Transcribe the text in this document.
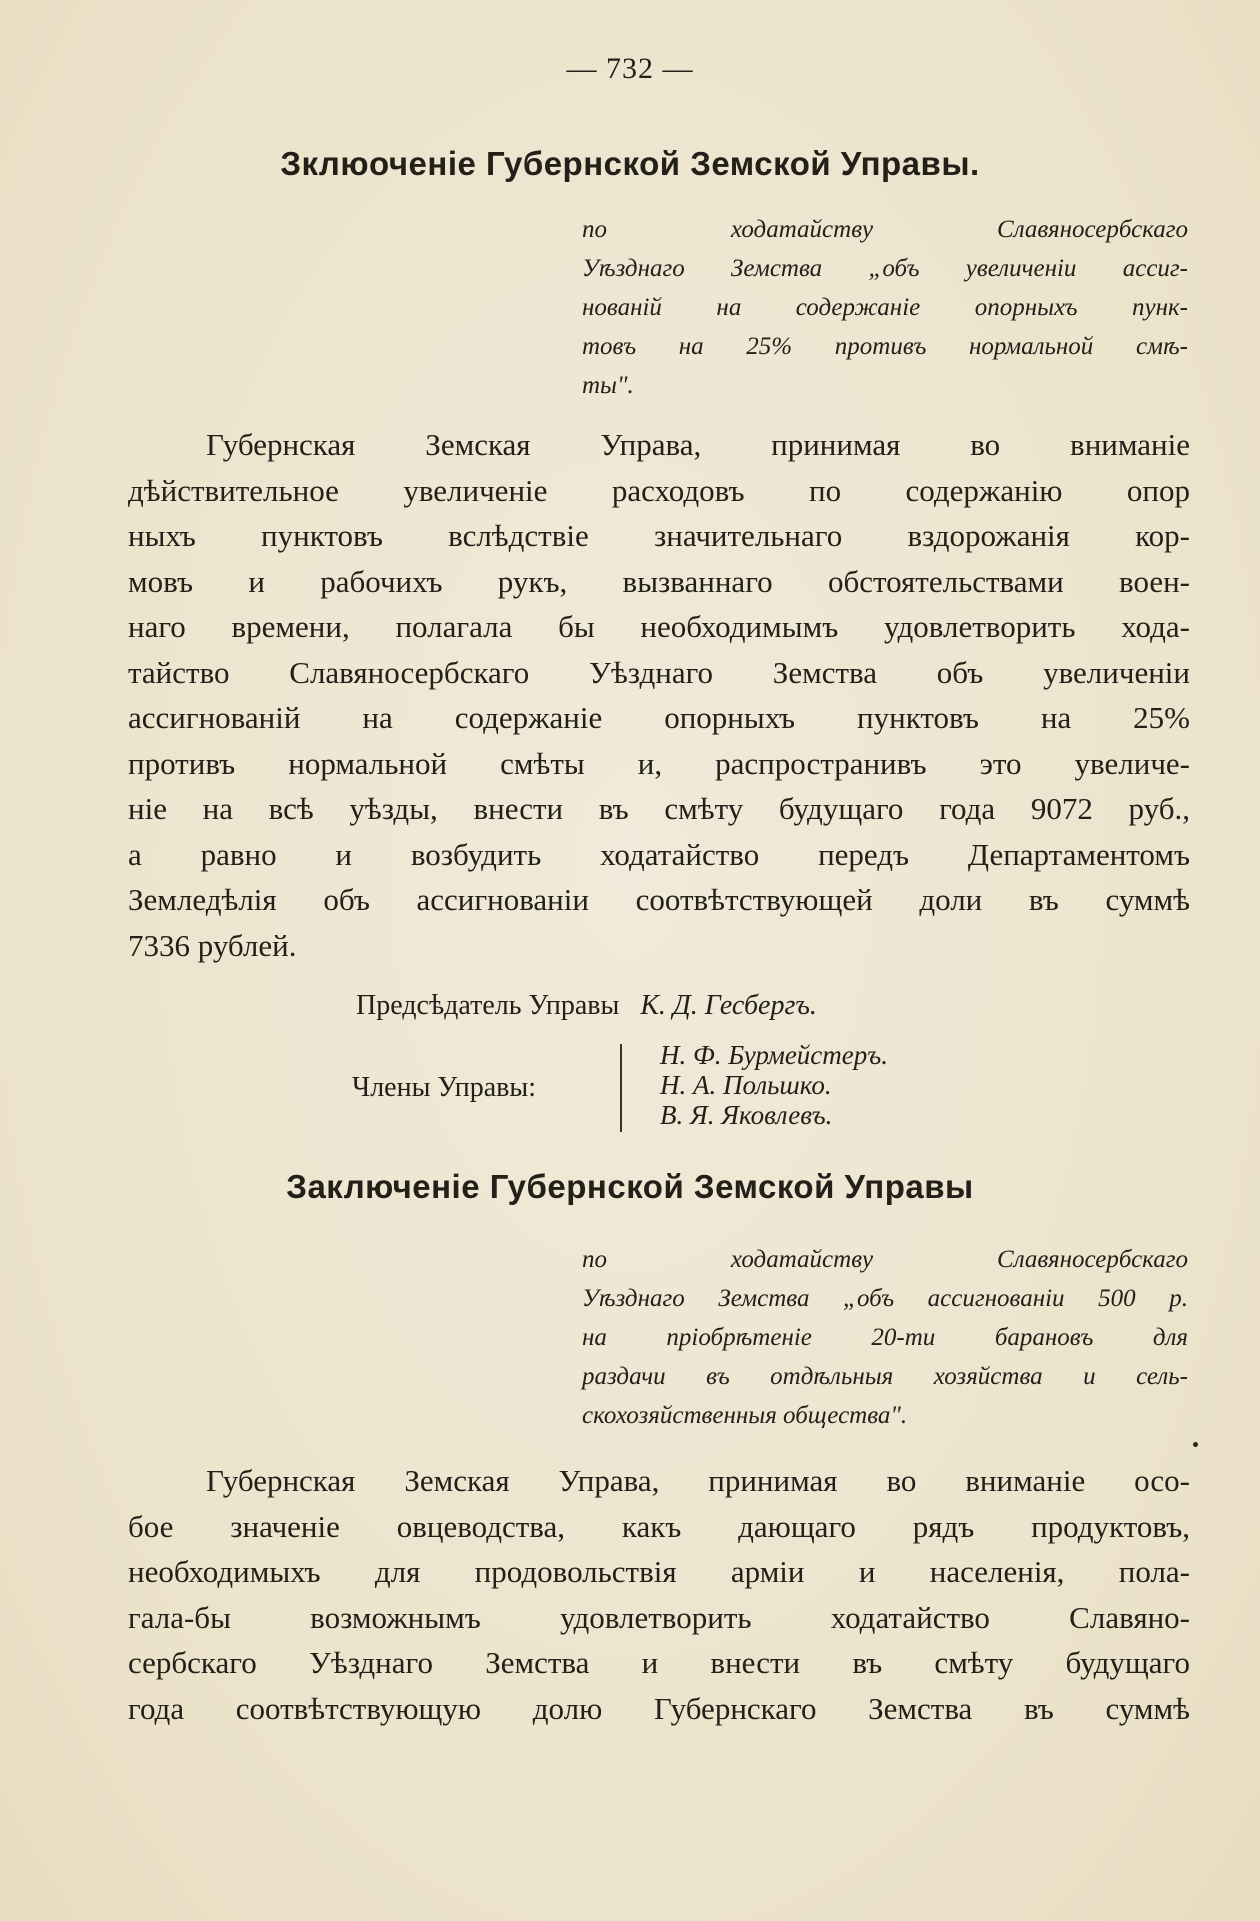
— 732 —
Зклюоченіе Губернской Земской Управы.
по ходатайству Славяносербскаго
Уѣзднаго Земства „объ увеличеніи ассиг-
нованій на содержаніе опорныхъ пунк-
товъ на 25% противъ нормальной смѣ-
ты".
Губернская Земская Управа, принимая во вниманіе
дѣйствительное увеличеніе расходовъ по содержанію опор
ныхъ пунктовъ вслѣдствіе значительнаго вздорожанія кор-
мовъ и рабочихъ рукъ, вызваннаго обстоятельствами воен-
наго времени, полагала бы необходимымъ удовлетворить хода-
тайство Славяносербскаго Уѣзднаго Земства объ увеличеніи
ассигнованій на содержаніе опорныхъ пунктовъ на 25%
противъ нормальной смѣты и, распространивъ это увеличе-
ніе на всѣ уѣзды, внести въ смѣту будущаго года 9072 руб.,
а равно и возбудить ходатайство передъ Департаментомъ
Земледѣлія объ ассигнованіи соотвѣтствующей доли въ суммѣ
7336 рублей.
Предсѣдатель Управы К. Д. Гесбергъ.
Члены Управы:
Н. Ф. Бурмейстеръ.
Н. А. Польшко.
В. Я. Яковлевъ.
Заключеніе Губернской Земской Управы
по ходатайству Славяносербскаго
Уѣзднаго Земства „объ ассигнованіи 500 р.
на пріобрѣтеніе 20-ти барановъ для
раздачи въ отдѣльныя хозяйства и сель-
скохозяйственныя общества".
Губернская Земская Управа, принимая во вниманіе осо-
бое значеніе овцеводства, какъ дающаго рядъ продуктовъ,
необходимыхъ для продовольствія арміи и населенія, пола-
гала-бы возможнымъ удовлетворить ходатайство Славяно-
сербскаго Уѣзднаго Земства и внести въ смѣту будущаго
года соотвѣтствующую долю Губернскаго Земства въ суммѣ
